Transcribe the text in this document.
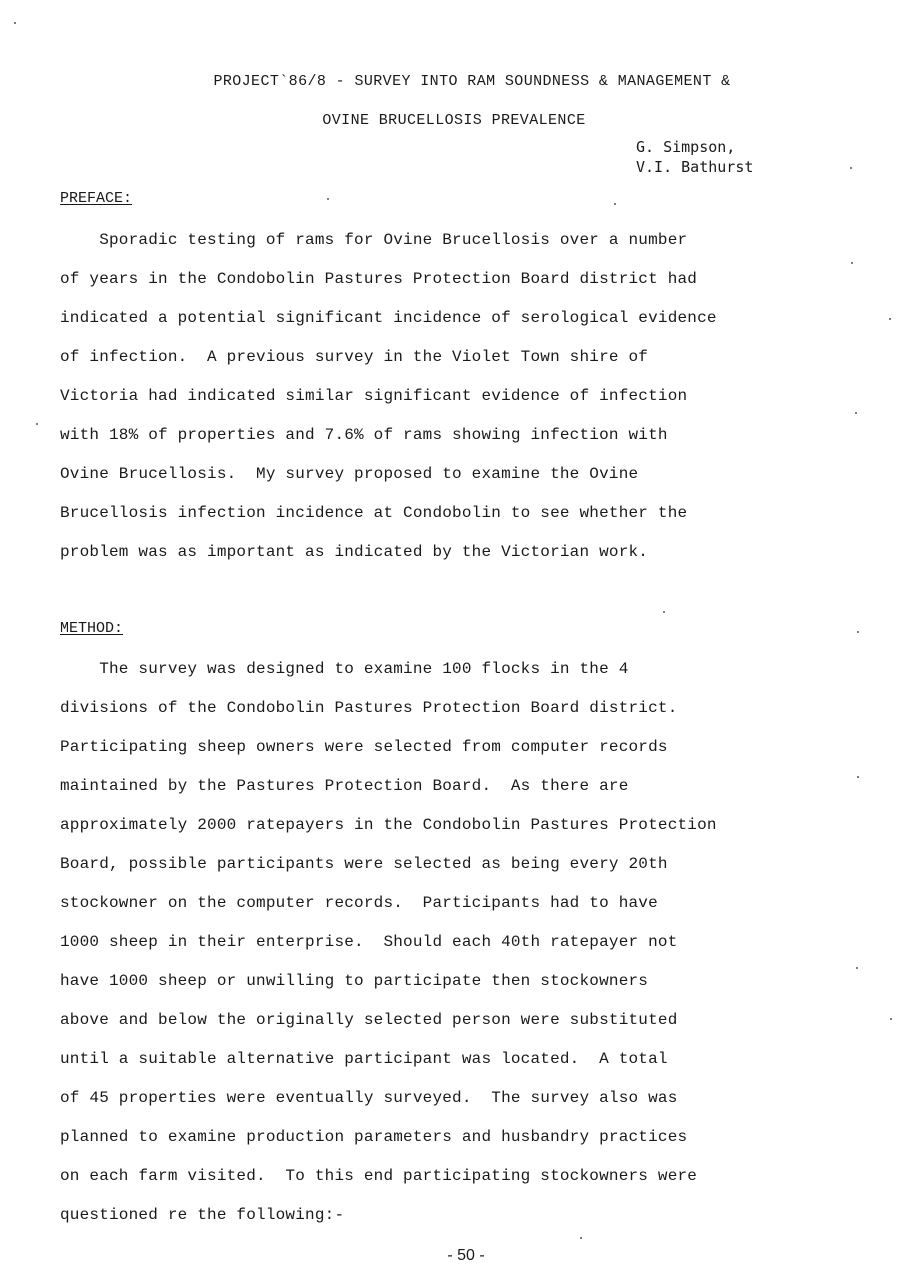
PROJECT`86/8 - SURVEY INTO RAM SOUNDNESS & MANAGEMENT &
OVINE BRUCELLOSIS PREVALENCE
G. Simpson,
V.I. Bathurst
PREFACE:
Sporadic testing of rams for Ovine Brucellosis over a number
of years in the Condobolin Pastures Protection Board district had
indicated a potential significant incidence of serological evidence
of infection.  A previous survey in the Violet Town shire of
Victoria had indicated similar significant evidence of infection
with 18% of properties and 7.6% of rams showing infection with
Ovine Brucellosis.  My survey proposed to examine the Ovine
Brucellosis infection incidence at Condobolin to see whether the
problem was as important as indicated by the Victorian work.
METHOD:
The survey was designed to examine 100 flocks in the 4
divisions of the Condobolin Pastures Protection Board district.
Participating sheep owners were selected from computer records
maintained by the Pastures Protection Board.  As there are
approximately 2000 ratepayers in the Condobolin Pastures Protection
Board, possible participants were selected as being every 20th
stockowner on the computer records.  Participants had to have
1000 sheep in their enterprise.  Should each 40th ratepayer not
have 1000 sheep or unwilling to participate then stockowners
above and below the originally selected person were substituted
until a suitable alternative participant was located.  A total
of 45 properties were eventually surveyed.  The survey also was
planned to examine production parameters and husbandry practices
on each farm visited.  To this end participating stockowners were
questioned re the following:-
- 50 -
